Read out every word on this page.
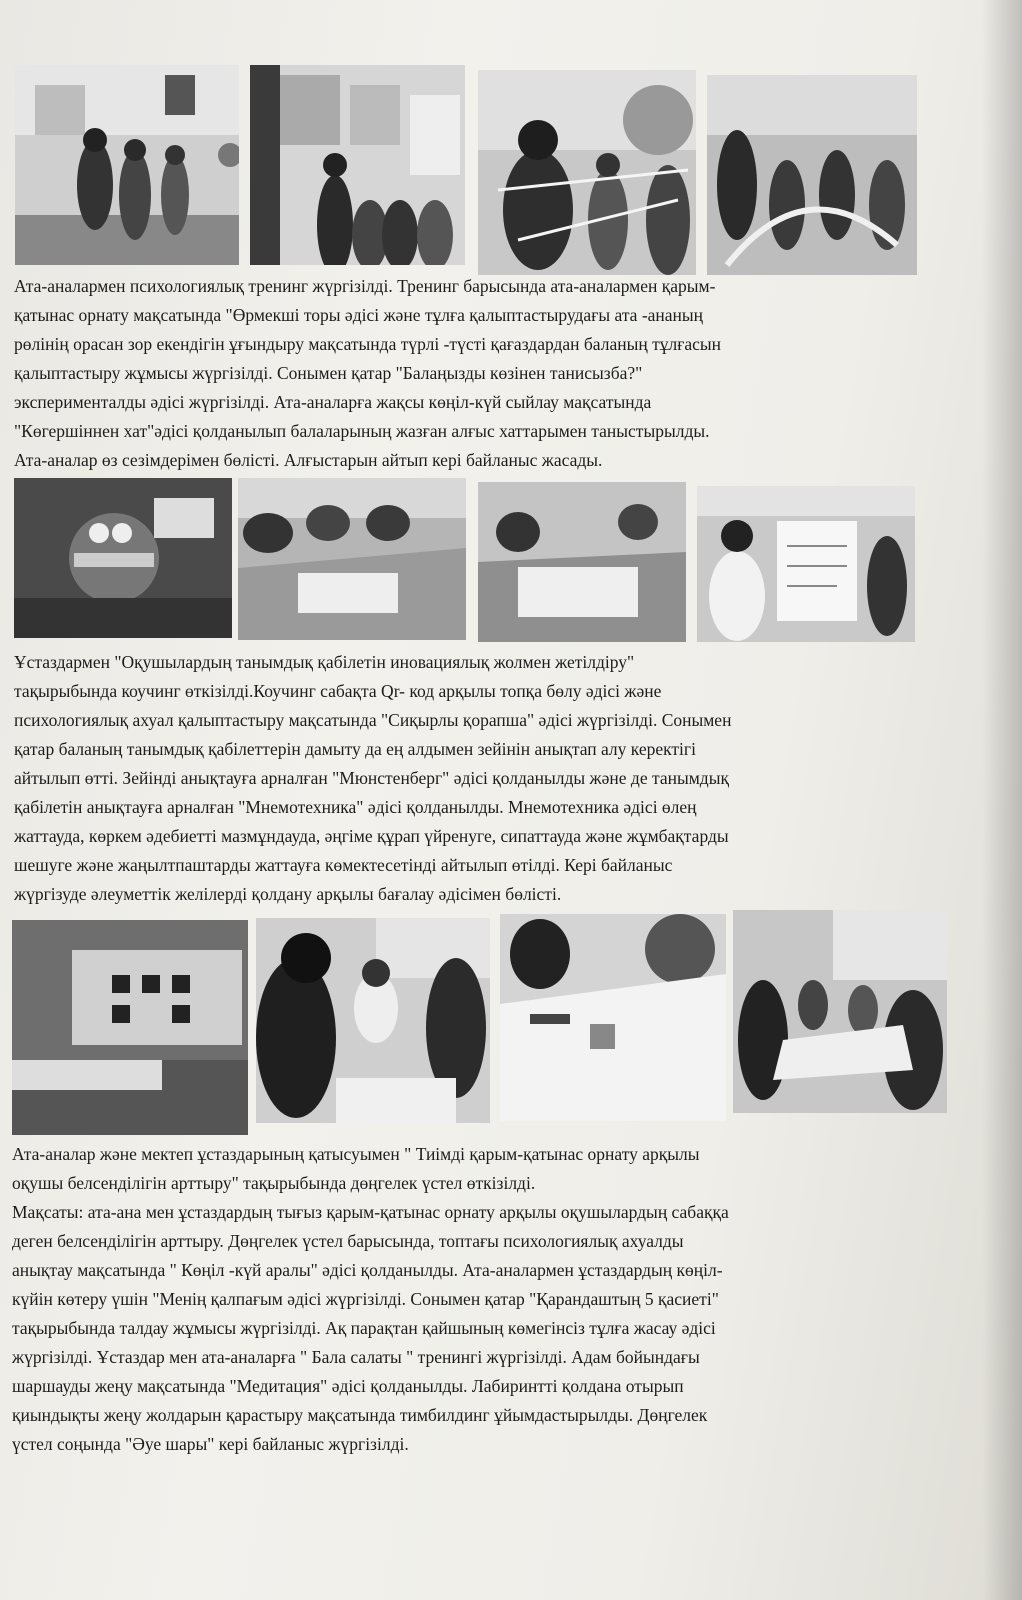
Ата-аналармен психологиялық тренинг жүргізілді. Тренинг барысында ата-аналармен қарым-
қатынас орнату мақсатында "Өрмекші торы әдісі және тұлға қалыптастырудағы ата -ананың
рөлінің орасан зор екендігін ұғындыру мақсатында түрлі -түсті қағаздардан баланың тұлғасын
қалыптастыру жұмысы жүргізілді. Сонымен қатар "Балаңызды көзінен танисызба?"
эксперименталды әдісі жүргізілді. Ата-аналарға жақсы көңіл-күй сыйлау мақсатында
"Көгершіннен хат"әдісі қолданылып балаларының жазған алғыс хаттарымен таныстырылды.
Ата-аналар өз сезімдерімен бөлісті. Алғыстарын айтып кері байланыс жасады.
Ұстаздармен "Оқушылардың танымдық қабілетін иновациялық жолмен жетілдіру"
тақырыбында коучинг өткізілді.Коучинг сабақта Qr- код арқылы топқа бөлу әдісі және
психологиялық ахуал қалыптастыру мақсатында "Сиқырлы қорапша" әдісі жүргізілді. Сонымен
қатар баланың танымдық қабілеттерін дамыту да ең алдымен зейінін анықтап алу керектігі
айтылып өтті. Зейінді анықтауға арналған "Мюнстенберг" әдісі қолданылды және де танымдық
қабілетін анықтауға арналған "Мнемотехника" әдісі қолданылды. Мнемотехника әдісі өлең
жаттауда, көркем әдебиетті мазмұндауда, әңгіме құрап үйренуге, сипаттауда және жұмбақтарды
шешуге және жаңылтпаштарды жаттауға көмектесетінді айтылып өтілді. Кері байланыс
жүргізуде әлеуметтік желілерді қолдану арқылы бағалау әдісімен бөлісті.
Ата-аналар және мектеп ұстаздарының қатысуымен " Тиімді қарым-қатынас орнату арқылы
оқушы белсенділігін арттыру" тақырыбында дөңгелек үстел өткізілді.
Мақсаты: ата-ана мен ұстаздардың тығыз қарым-қатынас орнату арқылы оқушылардың сабаққа
деген белсенділігін арттыру. Дөңгелек үстел барысында, топтағы психологиялық ахуалды
анықтау мақсатында " Көңіл -күй аралы" әдісі қолданылды. Ата-аналармен ұстаздардың көңіл-
күйін көтеру үшін "Менің қалпағым әдісі жүргізілді. Сонымен қатар "Қарандаштың 5 қасиеті"
тақырыбында талдау жұмысы жүргізілді. Ақ парақтан қайшының көмегінсіз тұлға жасау әдісі
жүргізілді. Ұстаздар мен ата-аналарға " Бала салаты " тренингі жүргізілді. Адам бойындағы
шаршауды жеңу мақсатында "Медитация" әдісі қолданылды. Лабиринтті қолдана отырып
қиындықты жеңу жолдарын қарастыру мақсатында тимбилдинг ұйымдастырылды. Дөңгелек
үстел соңында "Әуе шары" кері байланыс жүргізілді.
